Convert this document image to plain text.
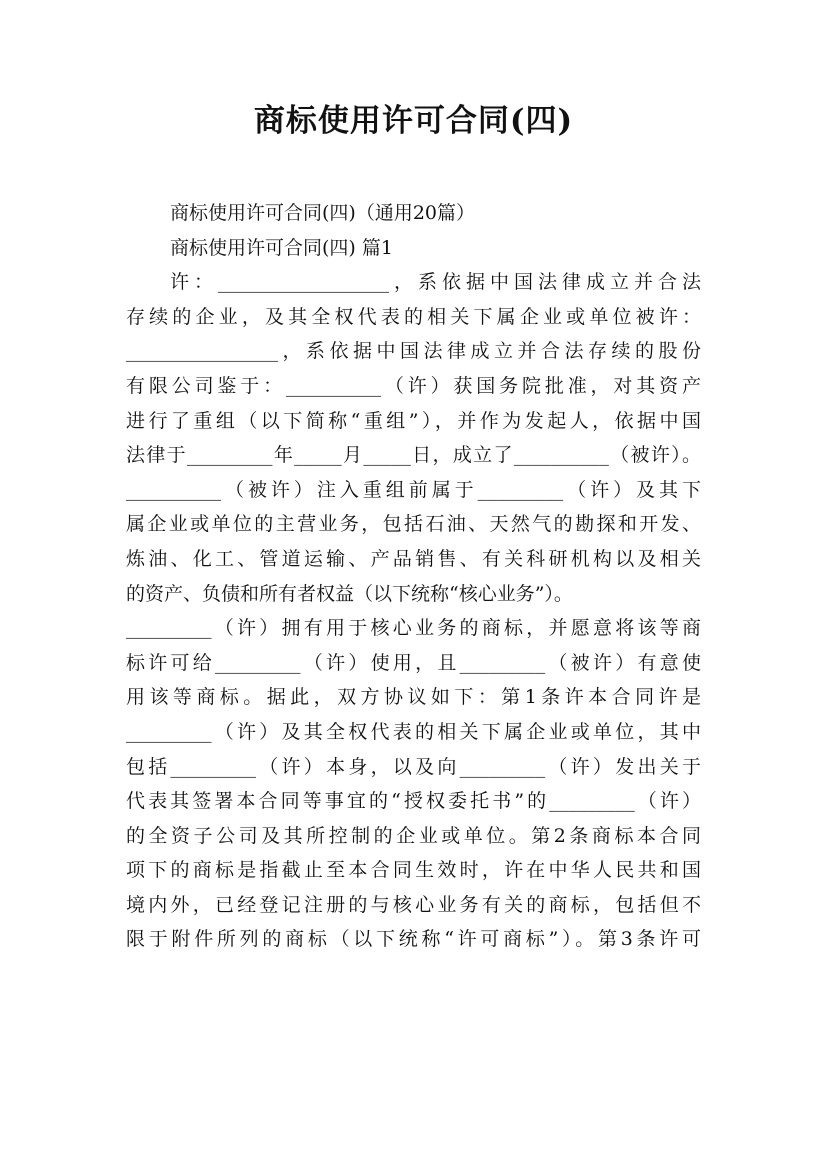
商标使用许可合同(四)
商标使用许可合同(四)（通用20篇）
商标使用许可合同(四) 篇1
许：__________________，系依据中国法律成立并合法
存续的企业，及其全权代表的相关下属企业或单位被许：
________________，系依据中国法律成立并合法存续的股份
有限公司鉴于：__________（许）获国务院批准，对其资产
进行了重组（以下简称“重组”），并作为发起人，依据中国
法律于_________年_____月_____日，成立了__________（被许）。
__________（被许）注入重组前属于_________（许）及其下
属企业或单位的主营业务，包括石油、天然气的勘探和开发、
炼油、化工、管道运输、产品销售、有关科研机构以及相关
的资产、负债和所有者权益（以下统称“核心业务”）。
_________（许）拥有用于核心业务的商标，并愿意将该等商
标许可给_________（许）使用，且_________（被许）有意使
用该等商标。据此，双方协议如下：第1条许本合同许是
_________（许）及其全权代表的相关下属企业或单位，其中
包括_________（许）本身，以及向_________（许）发出关于
代表其签署本合同等事宜的“授权委托书”的_________（许）
的全资子公司及其所控制的企业或单位。第2条商标本合同
项下的商标是指截止至本合同生效时，许在中华人民共和国
境内外，已经登记注册的与核心业务有关的商标，包括但不
限于附件所列的商标（以下统称“许可商标”）。第3条许可
